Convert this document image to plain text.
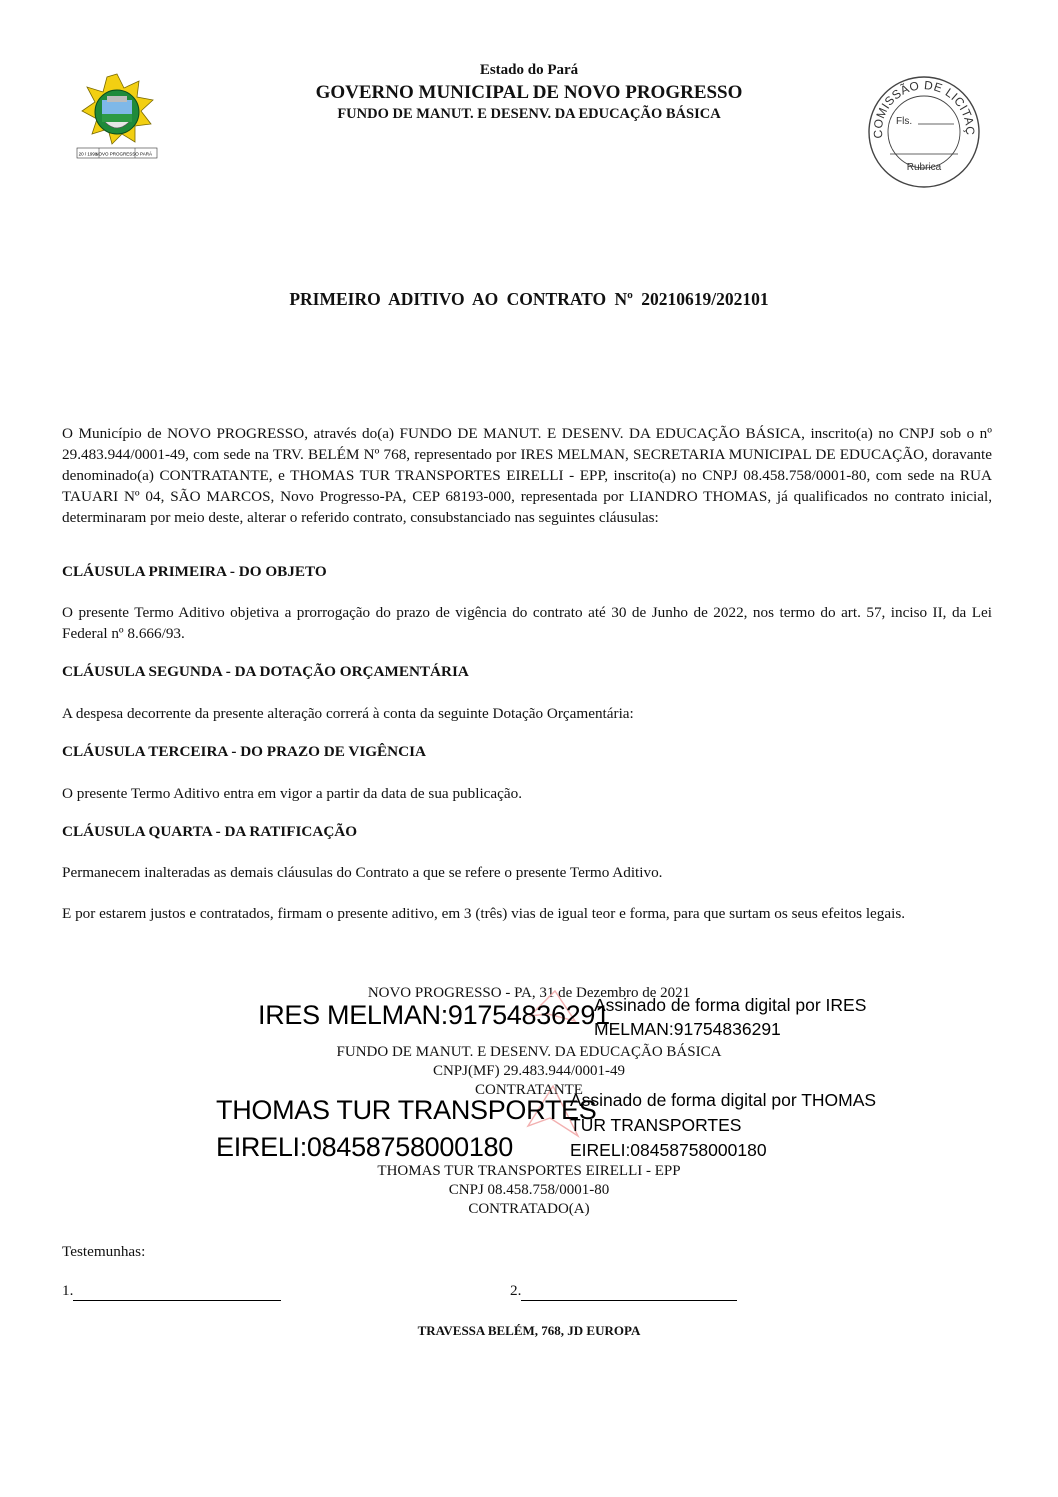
Estado do Pará
GOVERNO MUNICIPAL DE NOVO PROGRESSO
FUNDO DE MANUT. E DESENV. DA EDUCAÇÃO BÁSICA
20 / 1991
NOVO PROGRESSO PARÁ
COMISSÃO DE LICITAÇ
Fls.
Rubrica
PRIMEIRO ADITIVO AO CONTRATO Nº 20210619/202101
O Município de NOVO PROGRESSO, através do(a) FUNDO DE MANUT. E DESENV. DA EDUCAÇÃO BÁSICA, inscrito(a) no CNPJ sob o nº 29.483.944/0001-49, com sede na TRV. BELÉM Nº 768, representado por IRES MELMAN, SECRETARIA MUNICIPAL DE EDUCAÇÃO, doravante denominado(a) CONTRATANTE, e THOMAS TUR TRANSPORTES EIRELLI - EPP, inscrito(a) no CNPJ 08.458.758/0001-80, com sede na RUA TAUARI Nº 04, SÃO MARCOS, Novo Progresso-PA, CEP 68193-000, representada por LIANDRO THOMAS, já qualificados no contrato inicial, determinaram por meio deste, alterar o referido contrato, consubstanciado nas seguintes cláusulas:
CLÁUSULA PRIMEIRA - DO OBJETO
O presente Termo Aditivo objetiva a prorrogação do prazo de vigência do contrato até 30 de Junho de 2022, nos termo do art. 57, inciso II, da Lei Federal nº 8.666/93.
CLÁUSULA SEGUNDA - DA DOTAÇÃO ORÇAMENTÁRIA
A despesa decorrente da presente alteração correrá à conta da seguinte Dotação Orçamentária:
CLÁUSULA TERCEIRA - DO PRAZO DE VIGÊNCIA
O presente Termo Aditivo entra em vigor a partir da data de sua publicação.
CLÁUSULA QUARTA - DA RATIFICAÇÃO
Permanecem inalteradas as demais cláusulas do Contrato a que se refere o presente Termo Aditivo.
E por estarem justos e contratados, firmam o presente aditivo, em 3 (três) vias de igual teor e forma, para que surtam os seus efeitos legais.
NOVO PROGRESSO - PA, 31 de Dezembro de 2021
IRES MELMAN:91754836291
Assinado de forma digital por IRES
MELMAN:91754836291
FUNDO DE MANUT. E DESENV. DA EDUCAÇÃO BÁSICA
CNPJ(MF) 29.483.944/0001-49
CONTRATANTE
THOMAS TUR TRANSPORTES
EIRELI:08458758000180
Assinado de forma digital por THOMAS
TUR TRANSPORTES
EIRELI:08458758000180
THOMAS TUR TRANSPORTES EIRELLI - EPP
CNPJ 08.458.758/0001-80
CONTRATADO(A)
Testemunhas:
1.	2.
TRAVESSA BELÉM, 768, JD EUROPA
